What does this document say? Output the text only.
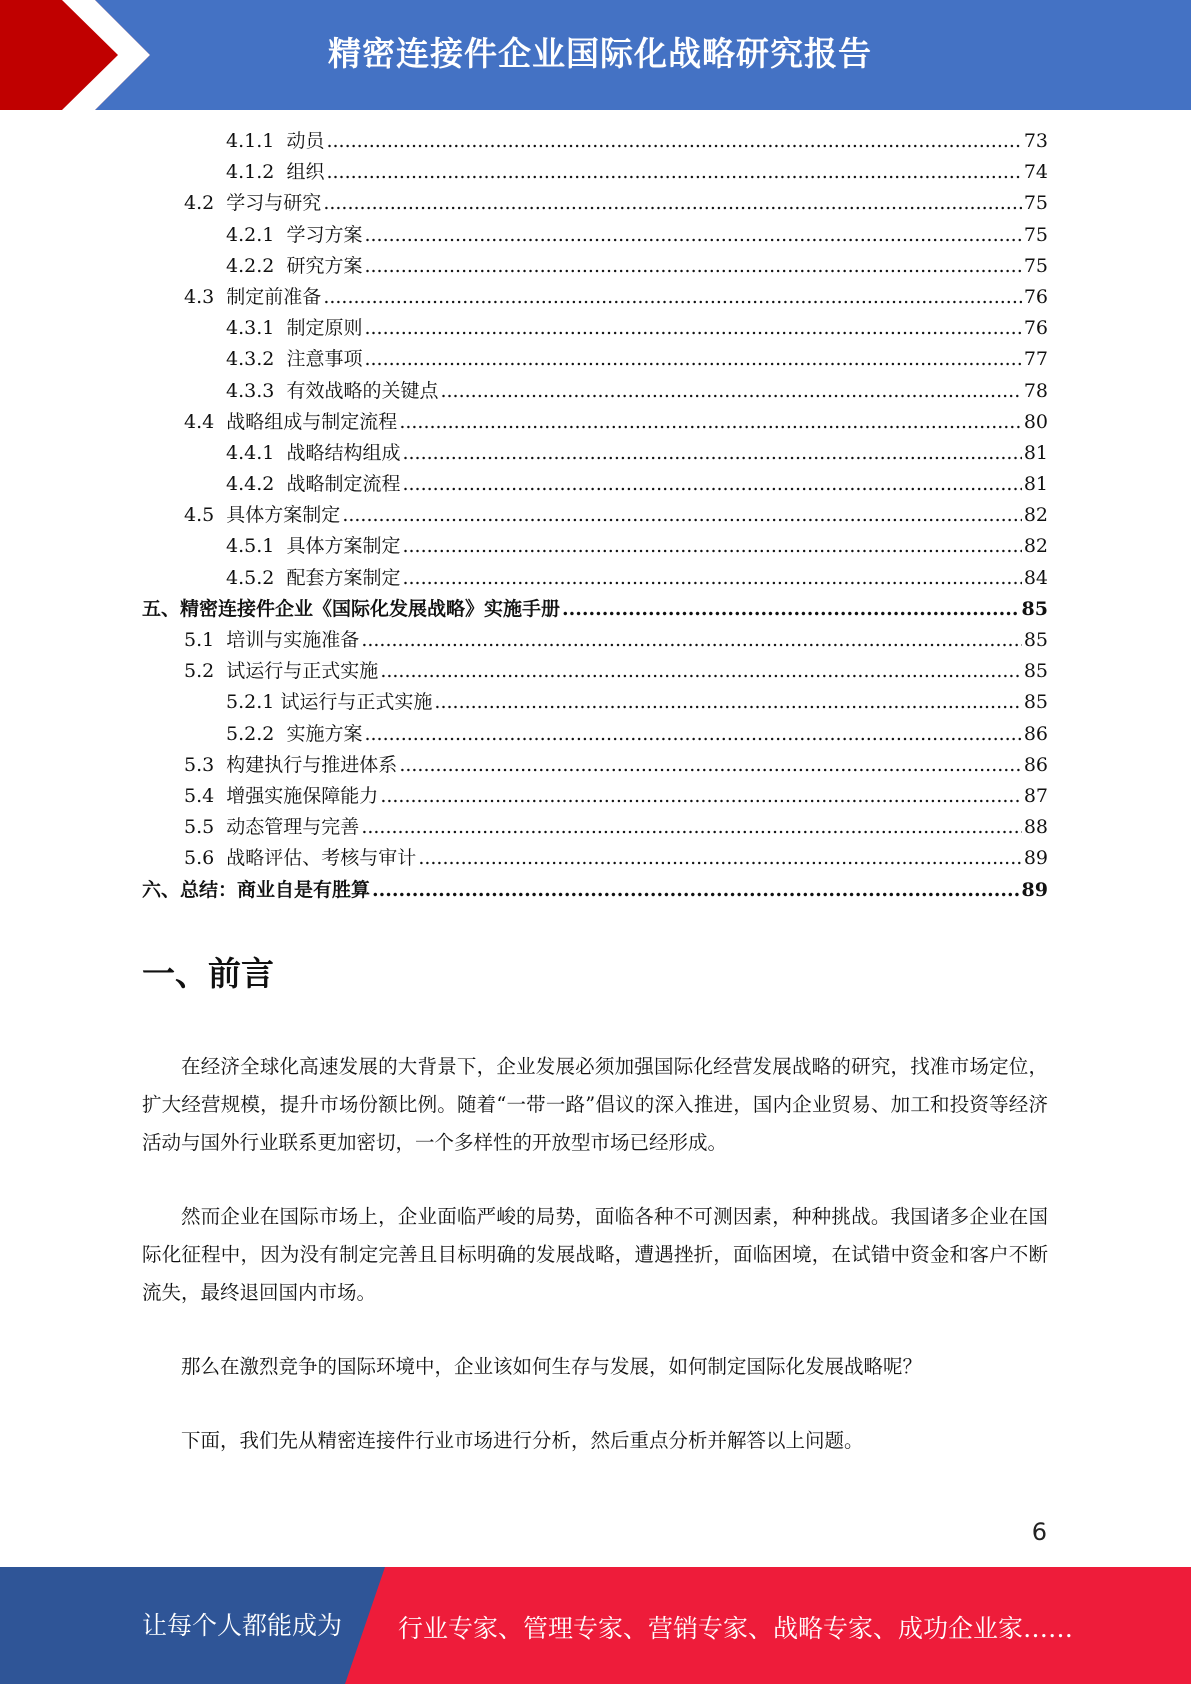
精密连接件企业国际化战略研究报告
4.1.1 动员 .....	73
4.1.2 组织 .....	74
4.2 学习与研究 .....	75
4.2.1 学习方案 .....	75
4.2.2 研究方案 .....	75
4.3 制定前准备 .....	76
4.3.1 制定原则 .....	76
4.3.2 注意事项 .....	77
4.3.3 有效战略的关键点 .....	78
4.4 战略组成与制定流程 .....	80
4.4.1 战略结构组成 .....	81
4.4.2 战略制定流程 .....	81
4.5 具体方案制定 .....	82
4.5.1 具体方案制定 .....	82
4.5.2 配套方案制定 .....	84
五、精密连接件企业《国际化发展战略》实施手册 .....	85
5.1 培训与实施准备 .....	85
5.2 试运行与正式实施 .....	85
5.2.1 试运行与正式实施 .....	85
5.2.2 实施方案 .....	86
5.3 构建执行与推进体系 .....	86
5.4 增强实施保障能力 .....	87
5.5 动态管理与完善 .....	88
5.6 战略评估、考核与审计 .....	89
六、总结：商业自是有胜算 .....	89
一、前言

在经济全球化高速发展的大背景下，企业发展必须加强国际化经营发展战略的研究，找准市场定位，扩大经营规模，提升市场份额比例。随着“一带一路”倡议的深入推进，国内企业贸易、加工和投资等经济活动与国外行业联系更加密切，一个多样性的开放型市场已经形成。

然而企业在国际市场上，企业面临严峻的局势，面临各种不可测因素，种种挑战。我国诸多企业在国际化征程中，因为没有制定完善且目标明确的发展战略，遭遇挫折，面临困境，在试错中资金和客户不断流失，最终退回国内市场。

那么在激烈竞争的国际环境中，企业该如何生存与发展，如何制定国际化发展战略呢？

下面，我们先从精密连接件行业市场进行分析，然后重点分析并解答以上问题。

6
让每个人都能成为 行业专家、管理专家、营销专家、战略专家、成功企业家……
